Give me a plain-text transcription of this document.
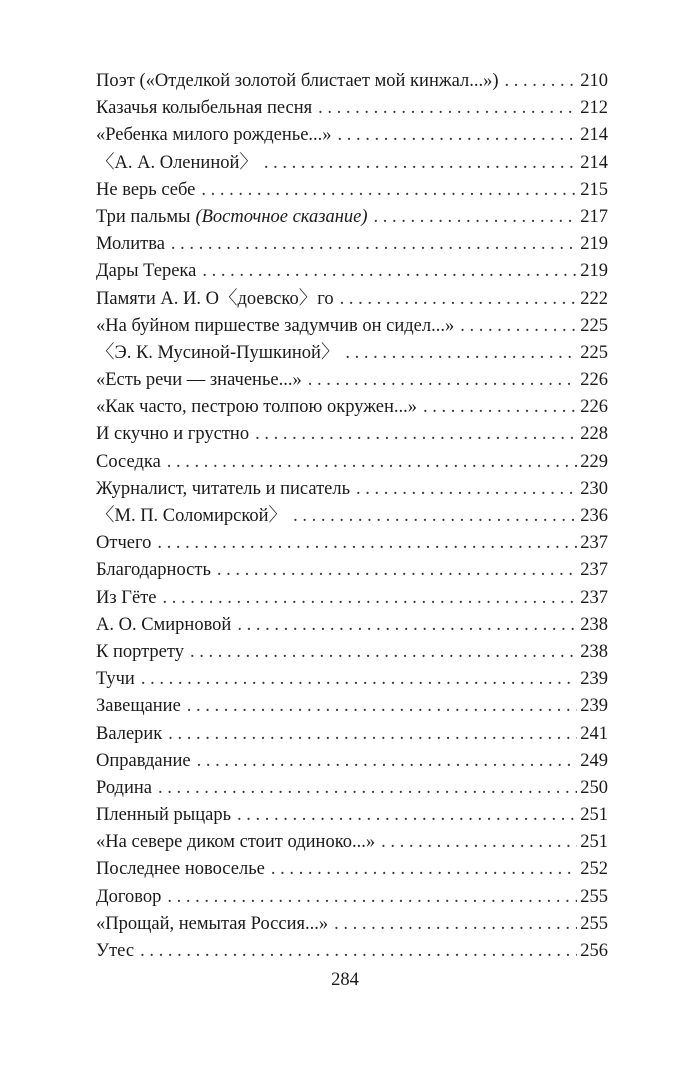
Поэт («Отделкой золотой блистает мой кинжал...») . . .	210
Казачья колыбельная песня . . .	212
«Ребенка милого рожденье...» . . .	214
〈А. А. Олениной〉 . . .	214
Не верь себе . . .	215
Три пальмы (Восточное сказание) . . .	217
Молитва . . .	219
Дары Терека . . .	219
Памяти А. И. О〈доевско〉го . . .	222
«На буйном пиршестве задумчив он сидел...» . . .	225
〈Э. К. Мусиной-Пушкиной〉 . . .	225
«Есть речи — значенье...» . . .	226
«Как часто, пестрою толпою окружен...» . . .	226
И скучно и грустно . . .	228
Соседка . . .	229
Журналист, читатель и писатель . . .	230
〈М. П. Соломирской〉 . . .	236
Отчего . . .	237
Благодарность . . .	237
Из Гёте . . .	237
А. О. Смирновой . . .	238
К портрету . . .	238
Тучи . . .	239
Завещание . . .	239
Валерик . . .	241
Оправдание . . .	249
Родина . . .	250
Пленный рыцарь . . .	251
«На севере диком стоит одиноко...» . . .	251
Последнее новоселье . . .	252
Договор . . .	255
«Прощай, немытая Россия...» . . .	255
Утес . . .	256
284
